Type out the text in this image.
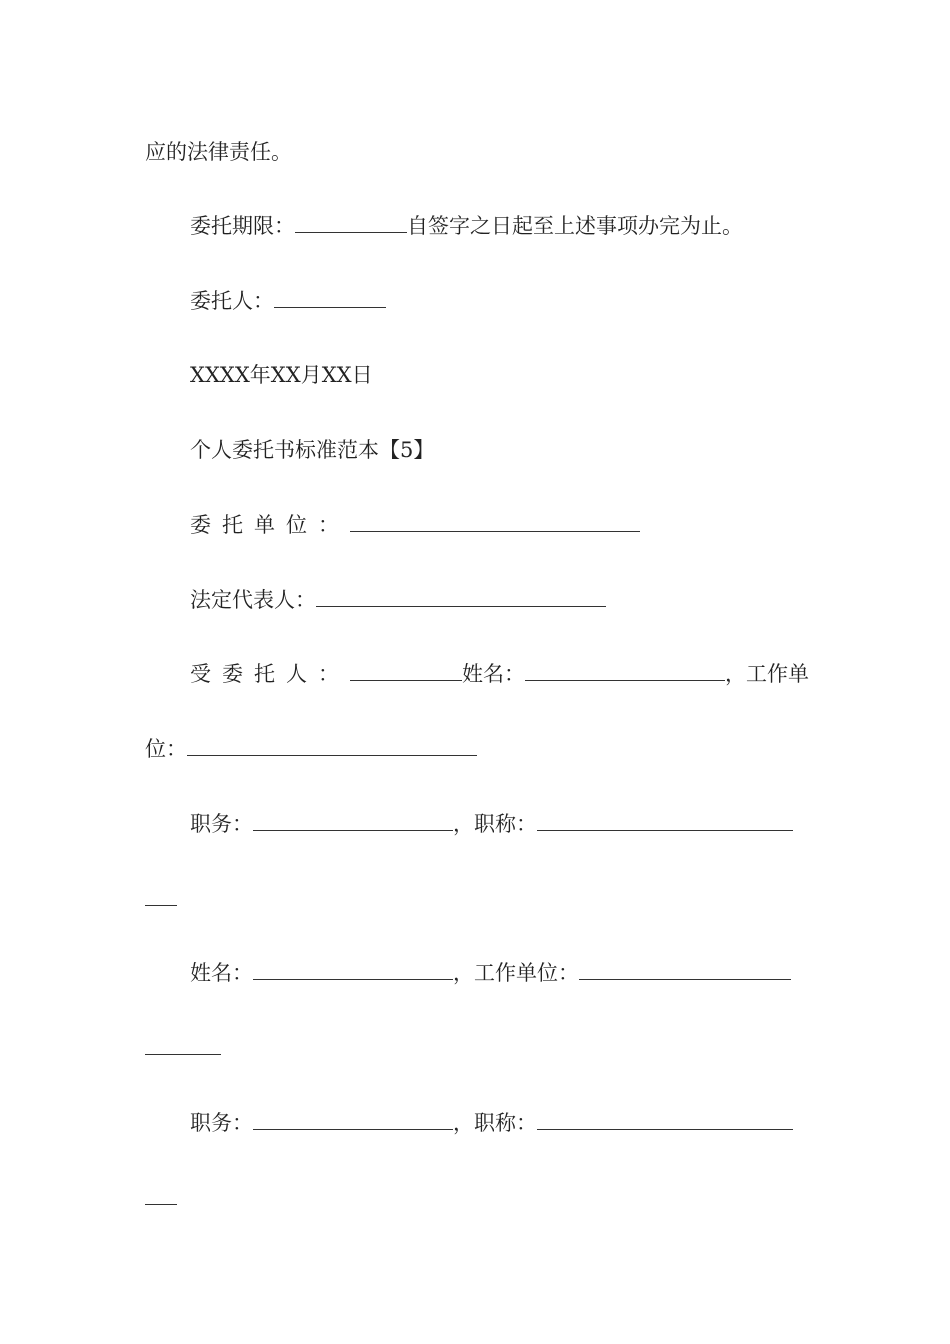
应的法律责任。
委托期限：	自签字之日起至上述事项办完为止。
委托人：
XXXX年XX月XX日
个人委托书标准范本【5】
委托单位：
法定代表人：
受委托人：	姓名：	，工作单
位：
职务：	，职称：
姓名：	，工作单位：
职务：	，职称：
